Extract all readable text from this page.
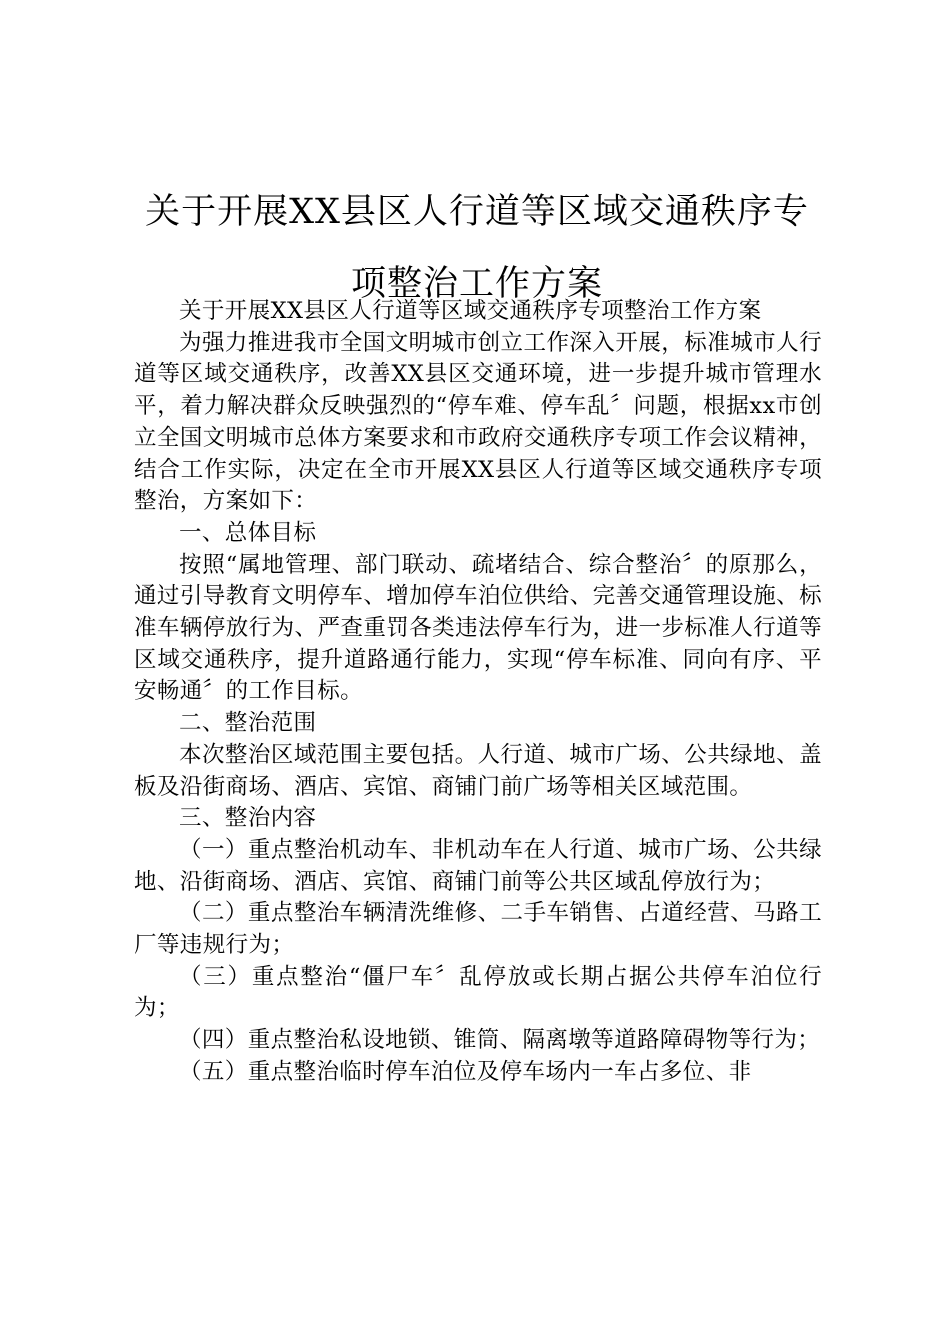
关于开展XX县区人行道等区域交通秩序专项整治工作方案

关于开展XX县区人行道等区域交通秩序专项整治工作方案

为强力推进我市全国文明城市创立工作深入开展，标准城市人行道等区域交通秩序，改善XX县区交通环境，进一步提升城市管理水平，着力解决群众反映强烈的“停车难、停车乱〞问题，根据xx市创立全国文明城市总体方案要求和市政府交通秩序专项工作会议精神，结合工作实际，决定在全市开展XX县区人行道等区域交通秩序专项整治，方案如下：

一、总体目标

按照“属地管理、部门联动、疏堵结合、综合整治〞的原那么，通过引导教育文明停车、增加停车泊位供给、完善交通管理设施、标准车辆停放行为、严查重罚各类违法停车行为，进一步标准人行道等区域交通秩序，提升道路通行能力，实现“停车标准、同向有序、平安畅通〞的工作目标。

二、整治范围

本次整治区域范围主要包括。人行道、城市广场、公共绿地、盖板及沿街商场、酒店、宾馆、商铺门前广场等相关区域范围。

三、整治内容

（一）重点整治机动车、非机动车在人行道、城市广场、公共绿地、沿街商场、酒店、宾馆、商铺门前等公共区域乱停放行为；

（二）重点整治车辆清洗维修、二手车销售、占道经营、马路工厂等违规行为；

（三）重点整治“僵尸车〞乱停放或长期占据公共停车泊位行为；

（四）重点整治私设地锁、锥筒、隔离墩等道路障碍物等行为；

（五）重点整治临时停车泊位及停车场内一车占多位、非
